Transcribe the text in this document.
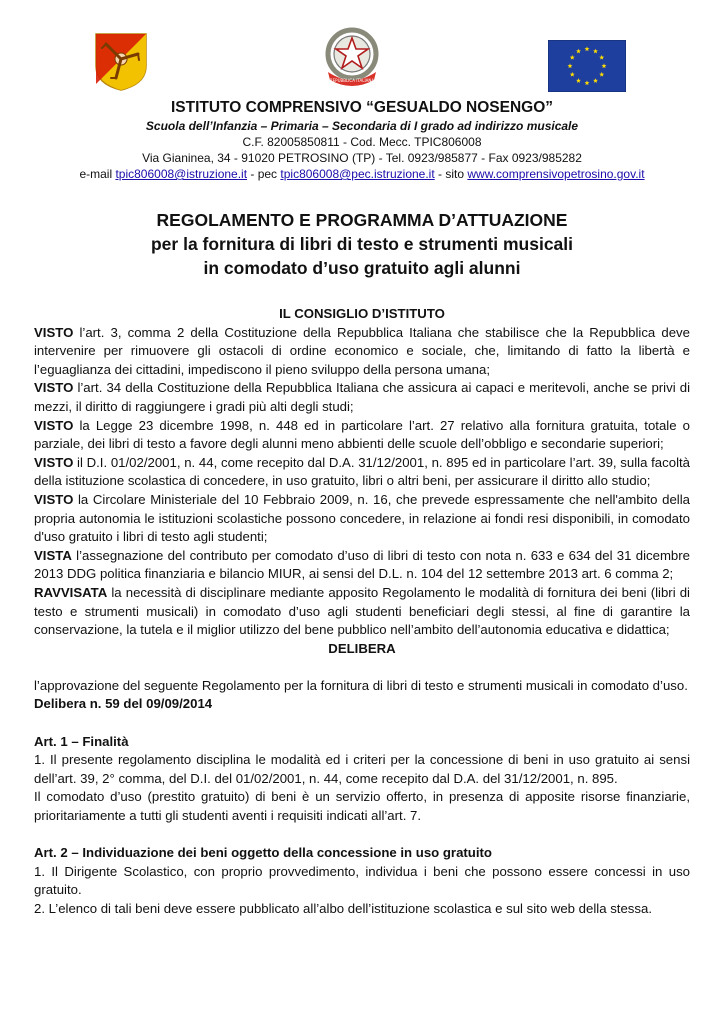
REPUBBLICA ITALIANA
ISTITUTO COMPRENSIVO “GESUALDO NOSENGO”
Scuola dell’Infanzia – Primaria – Secondaria di I grado ad indirizzo musicale
C.F. 82005850811 - Cod. Mecc. TPIC806008
Via Gianinea, 34 - 91020 PETROSINO (TP) - Tel. 0923/985877 - Fax 0923/985282
e-mail tpic806008@istruzione.it - pec tpic806008@pec.istruzione.it - sito www.comprensivopetrosino.gov.it
REGOLAMENTO E PROGRAMMA D’ATTUAZIONE
per la fornitura di libri di testo e strumenti musicali
in comodato d’uso gratuito agli alunni
IL CONSIGLIO D’ISTITUTO

VISTO l’art. 3, comma 2 della Costituzione della Repubblica Italiana che stabilisce che la Repubblica deve intervenire per rimuovere gli ostacoli di ordine economico e sociale, che, limitando di fatto la libertà e l’eguaglianza dei cittadini, impediscono il pieno sviluppo della persona umana;

VISTO l’art. 34 della Costituzione della Repubblica Italiana che assicura ai capaci e meritevoli, anche se privi di mezzi, il diritto di raggiungere i gradi più alti degli studi;

VISTO la Legge 23 dicembre 1998, n. 448 ed in particolare l’art. 27 relativo alla fornitura gratuita, totale o parziale, dei libri di testo a favore degli alunni meno abbienti delle scuole dell’obbligo e secondarie superiori;

VISTO il D.I. 01/02/2001, n. 44, come recepito dal D.A. 31/12/2001, n. 895 ed in particolare l’art. 39, sulla facoltà della istituzione scolastica di concedere, in uso gratuito, libri o altri beni, per assicurare il diritto allo studio;

VISTO la Circolare Ministeriale del 10 Febbraio 2009, n. 16, che prevede espressamente che nell'ambito della propria autonomia le istituzioni scolastiche possono concedere, in relazione ai fondi resi disponibili, in comodato d'uso gratuito i libri di testo agli studenti;

VISTA l’assegnazione del contributo per comodato d’uso di libri di testo con nota n. 633 e 634 del 31 dicembre 2013 DDG politica finanziaria e bilancio MIUR, ai sensi del D.L. n. 104 del 12 settembre 2013 art. 6 comma 2;

RAVVISATA la necessità di disciplinare mediante apposito Regolamento le modalità di fornitura dei beni (libri di testo e strumenti musicali) in comodato d’uso agli studenti beneficiari degli stessi, al fine di garantire la conservazione, la tutela e il miglior utilizzo del bene pubblico nell’ambito dell’autonomia educativa e didattica;

DELIBERA

l’approvazione del seguente Regolamento per la fornitura di libri di testo e strumenti musicali in comodato d’uso.

Delibera n. 59 del 09/09/2014

Art. 1 – Finalità

1. Il presente regolamento disciplina le modalità ed i criteri per la concessione di beni in uso gratuito ai sensi dell’art. 39, 2° comma, del D.I. del 01/02/2001, n. 44, come recepito dal D.A. del 31/12/2001, n. 895.

Il comodato d’uso (prestito gratuito) di beni è un servizio offerto, in presenza di apposite risorse finanziarie, prioritariamente a tutti gli studenti aventi i requisiti indicati all’art. 7.

Art. 2 – Individuazione dei beni oggetto della concessione in uso gratuito

1. Il Dirigente Scolastico, con proprio provvedimento, individua i beni che possono essere concessi in uso gratuito.

2. L’elenco di tali beni deve essere pubblicato all’albo dell’istituzione scolastica e sul sito web della stessa.
